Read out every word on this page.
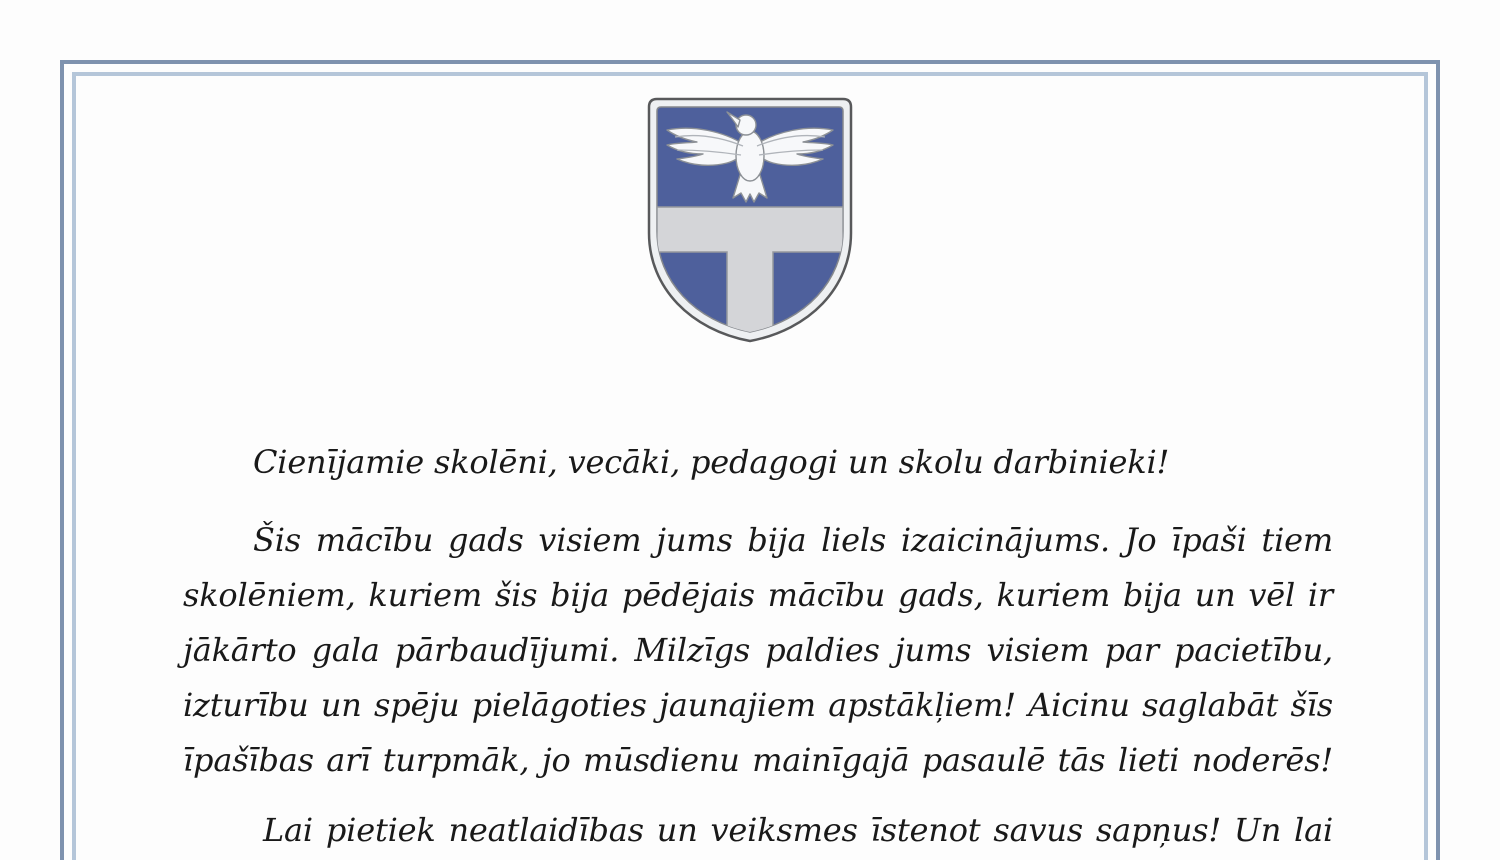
Cienījamie skolēni, vecāki, pedagogi un skolu darbinieki!
Šis mācību gads visiem jums bija liels izaicinājums. Jo īpaši tiem
skolēniem, kuriem šis bija pēdējais mācību gads, kuriem bija un vēl ir
jākārto gala pārbaudījumi. Milzīgs paldies jums visiem par pacietību,
izturību un spēju pielāgoties jaunajiem apstākļiem! Aicinu saglabāt šīs
īpašības arī turpmāk, jo mūsdienu mainīgajā pasaulē tās lieti noderēs!
Lai pietiek neatlaidības un veiksmes īstenot savus sapņus! Un lai
